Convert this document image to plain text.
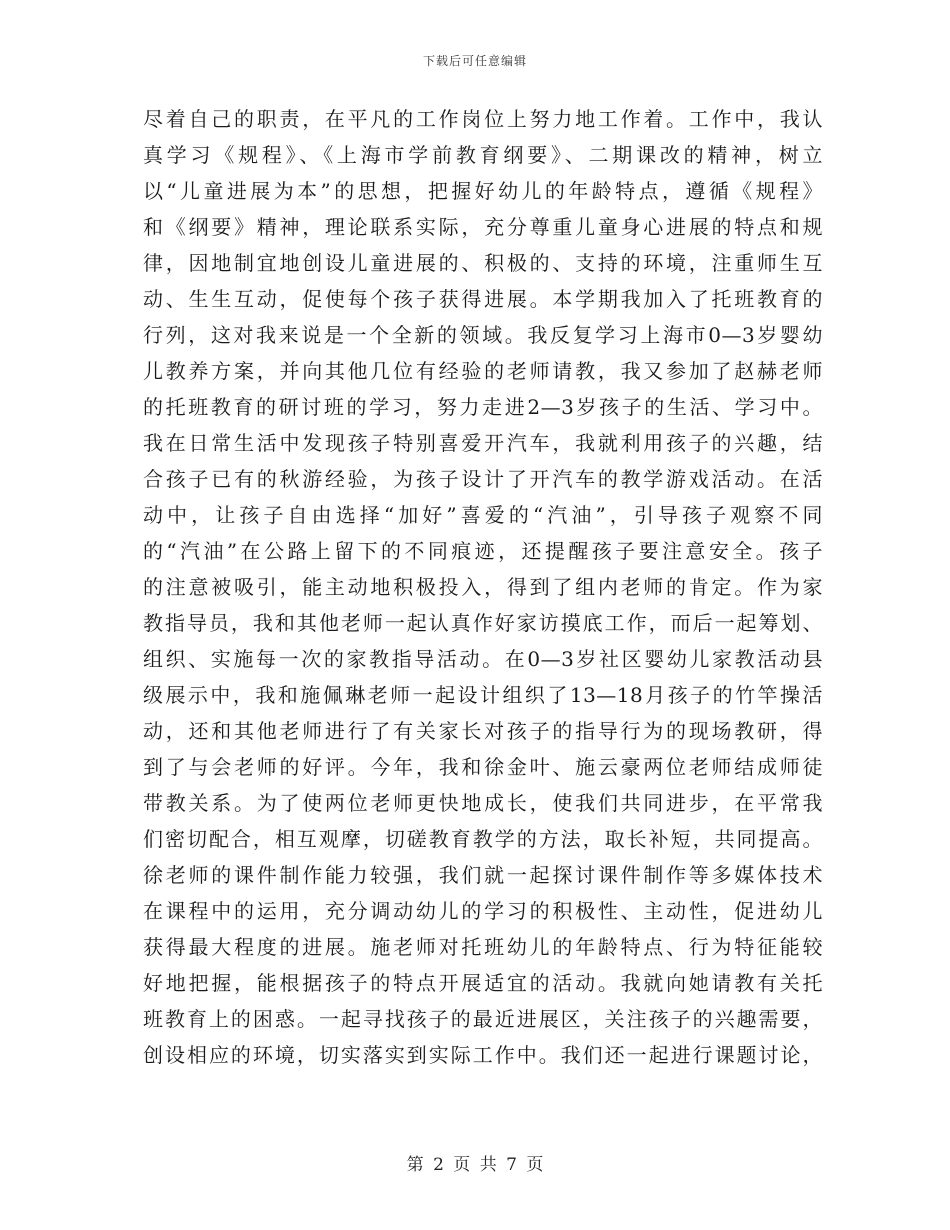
下载后可任意编辑
尽着自己的职责，在平凡的工作岗位上努力地工作着。工作中，我认
真学习《规程》、《上海市学前教育纲要》、二期课改的精神，树立
以“儿童进展为本”的思想，把握好幼儿的年龄特点，遵循《规程》
和《纲要》精神，理论联系实际，充分尊重儿童身心进展的特点和规
律，因地制宜地创设儿童进展的、积极的、支持的环境，注重师生互
动、生生互动，促使每个孩子获得进展。本学期我加入了托班教育的
行列，这对我来说是一个全新的领域。我反复学习上海市0—3岁婴幼
儿教养方案，并向其他几位有经验的老师请教，我又参加了赵赫老师
的托班教育的研讨班的学习，努力走进2—3岁孩子的生活、学习中。
我在日常生活中发现孩子特别喜爱开汽车，我就利用孩子的兴趣，结
合孩子已有的秋游经验，为孩子设计了开汽车的教学游戏活动。在活
动中，让孩子自由选择“加好”喜爱的“汽油”，引导孩子观察不同
的“汽油”在公路上留下的不同痕迹，还提醒孩子要注意安全。孩子
的注意被吸引，能主动地积极投入，得到了组内老师的肯定。作为家
教指导员，我和其他老师一起认真作好家访摸底工作，而后一起筹划、
组织、实施每一次的家教指导活动。在0—3岁社区婴幼儿家教活动县
级展示中，我和施佩琳老师一起设计组织了13—18月孩子的竹竿操活
动，还和其他老师进行了有关家长对孩子的指导行为的现场教研，得
到了与会老师的好评。今年，我和徐金叶、施云豪两位老师结成师徒
带教关系。为了使两位老师更快地成长，使我们共同进步，在平常我
们密切配合，相互观摩，切磋教育教学的方法，取长补短，共同提高。
徐老师的课件制作能力较强，我们就一起探讨课件制作等多媒体技术
在课程中的运用，充分调动幼儿的学习的积极性、主动性，促进幼儿
获得最大程度的进展。施老师对托班幼儿的年龄特点、行为特征能较
好地把握，能根据孩子的特点开展适宜的活动。我就向她请教有关托
班教育上的困惑。一起寻找孩子的最近进展区，关注孩子的兴趣需要，
创设相应的环境，切实落实到实际工作中。我们还一起进行课题讨论，
第 2 页 共 7 页
